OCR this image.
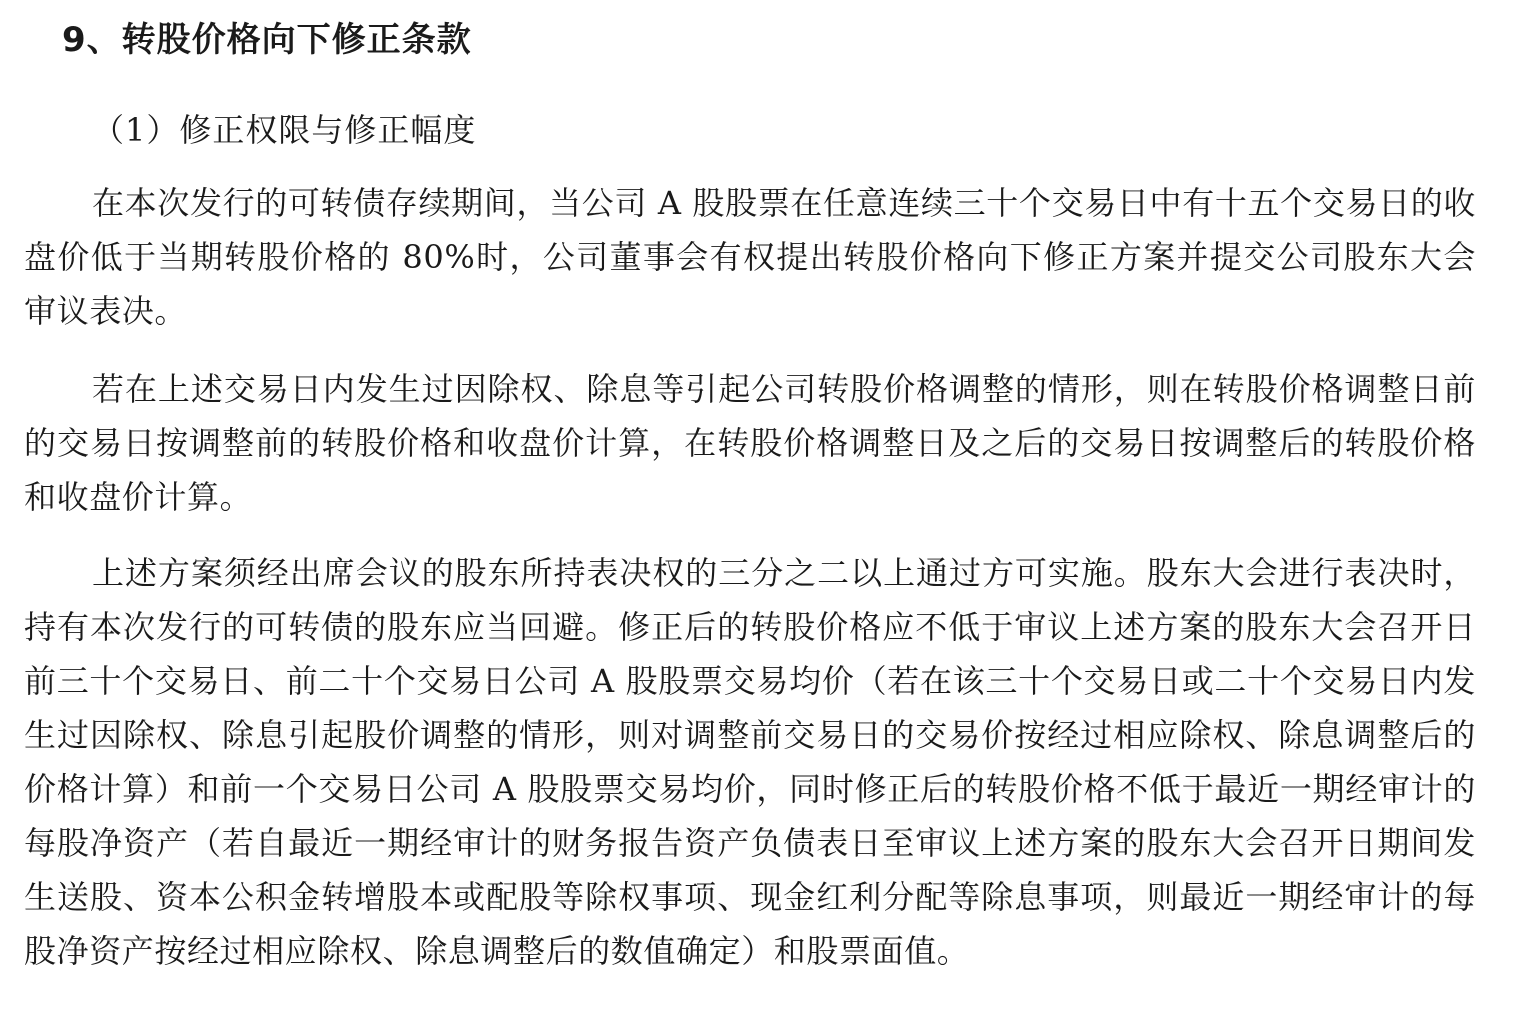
9、转股价格向下修正条款

（1）修正权限与修正幅度

在本次发行的可转债存续期间，当公司 A 股股票在任意连续三十个交易日中有十五个交易日的收盘价低于当期转股价格的 80%时，公司董事会有权提出转股价格向下修正方案并提交公司股东大会审议表决。

若在上述交易日内发生过因除权、除息等引起公司转股价格调整的情形，则在转股价格调整日前的交易日按调整前的转股价格和收盘价计算，在转股价格调整日及之后的交易日按调整后的转股价格和收盘价计算。

上述方案须经出席会议的股东所持表决权的三分之二以上通过方可实施。股东大会进行表决时，持有本次发行的可转债的股东应当回避。修正后的转股价格应不低于审议上述方案的股东大会召开日前三十个交易日、前二十个交易日公司 A 股股票交易均价（若在该三十个交易日或二十个交易日内发生过因除权、除息引起股价调整的情形，则对调整前交易日的交易价按经过相应除权、除息调整后的价格计算）和前一个交易日公司 A 股股票交易均价，同时修正后的转股价格不低于最近一期经审计的每股净资产（若自最近一期经审计的财务报告资产负债表日至审议上述方案的股东大会召开日期间发生送股、资本公积金转增股本或配股等除权事项、现金红利分配等除息事项，则最近一期经审计的每股净资产按经过相应除权、除息调整后的数值确定）和股票面值。
